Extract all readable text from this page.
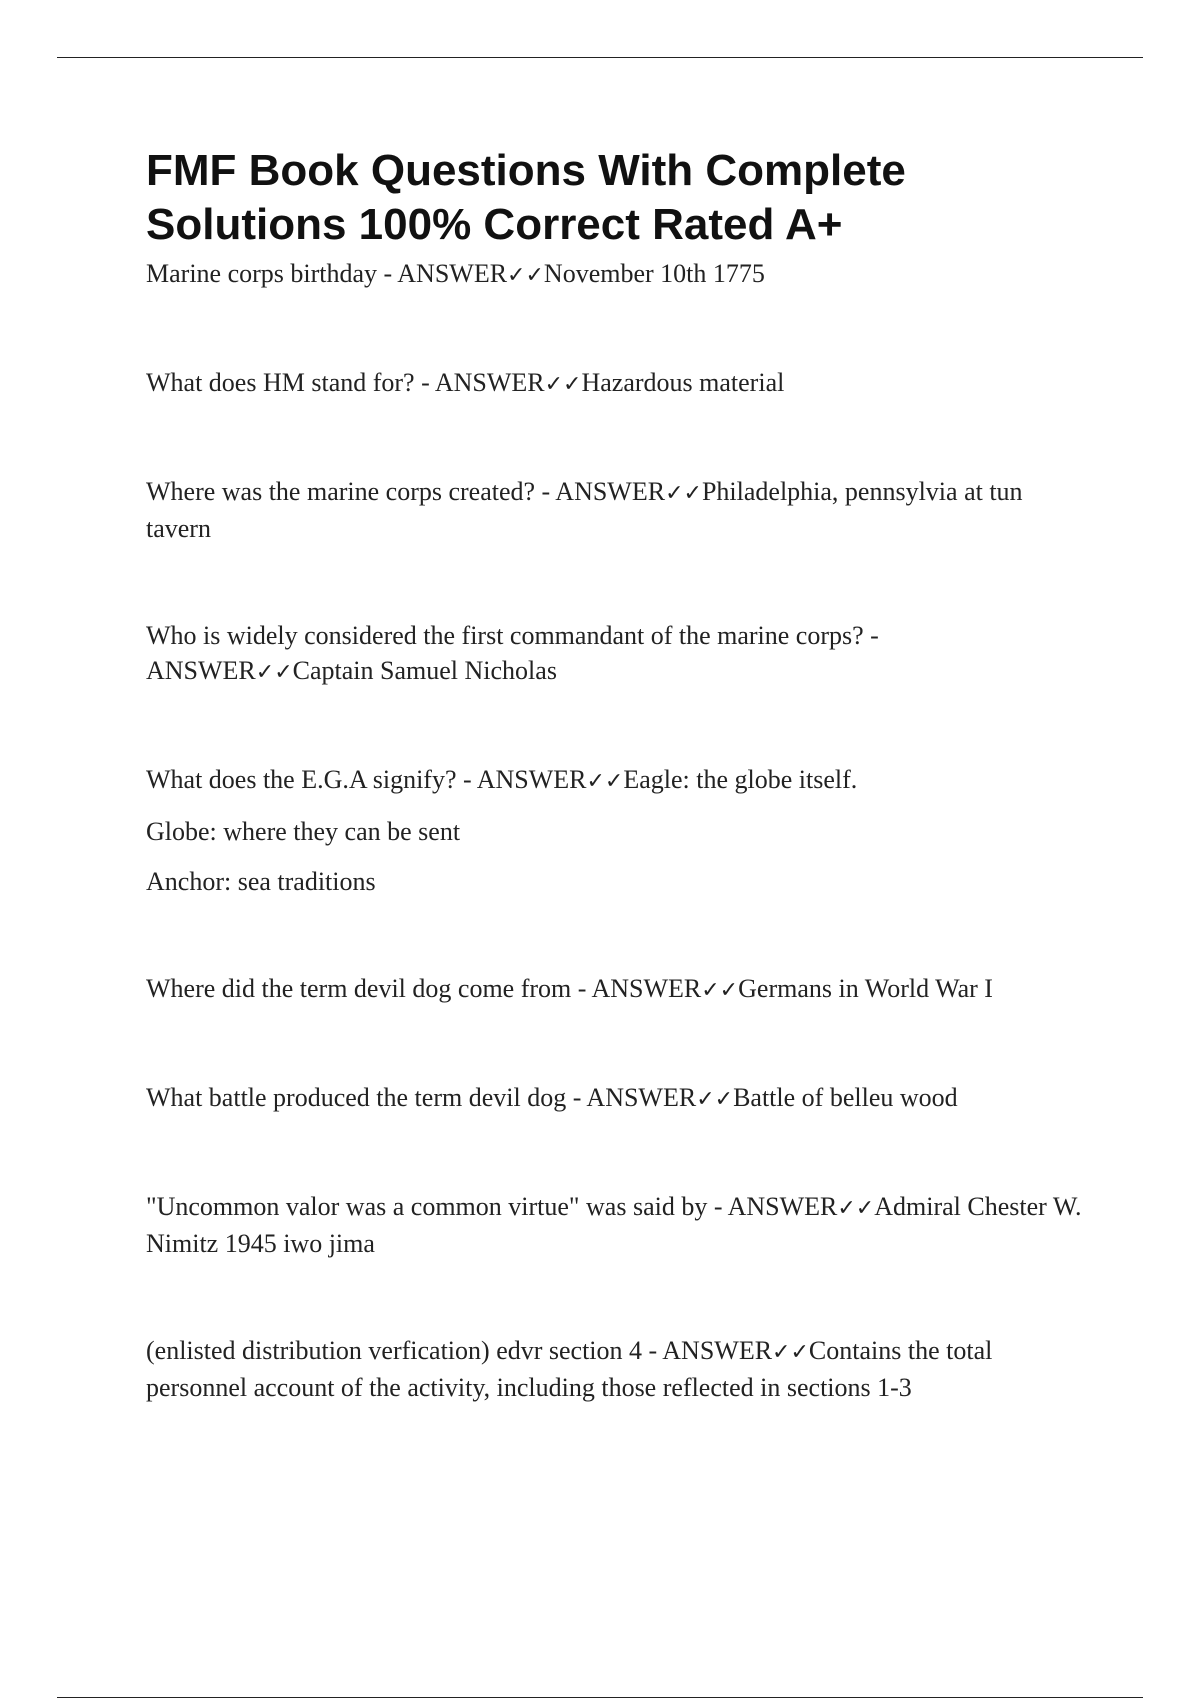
FMF Book Questions With Complete
Solutions 100% Correct Rated A+

Marine corps birthday - ANSWER✓✓November 10th 1775

What does HM stand for? - ANSWER✓✓Hazardous material

Where was the marine corps created? - ANSWER✓✓Philadelphia, pennsylvia at tun tavern

Who is widely considered the first commandant of the marine corps? - ANSWER✓✓Captain Samuel Nicholas

What does the E.G.A signify? - ANSWER✓✓Eagle: the globe itself.

Globe: where they can be sent

Anchor: sea traditions

Where did the term devil dog come from - ANSWER✓✓Germans in World War I

What battle produced the term devil dog - ANSWER✓✓Battle of belleu wood

"Uncommon valor was a common virtue" was said by - ANSWER✓✓Admiral Chester W. Nimitz 1945 iwo jima

(enlisted distribution verfication) edvr section 4 - ANSWER✓✓Contains the total personnel account of the activity, including those reflected in sections 1-3
